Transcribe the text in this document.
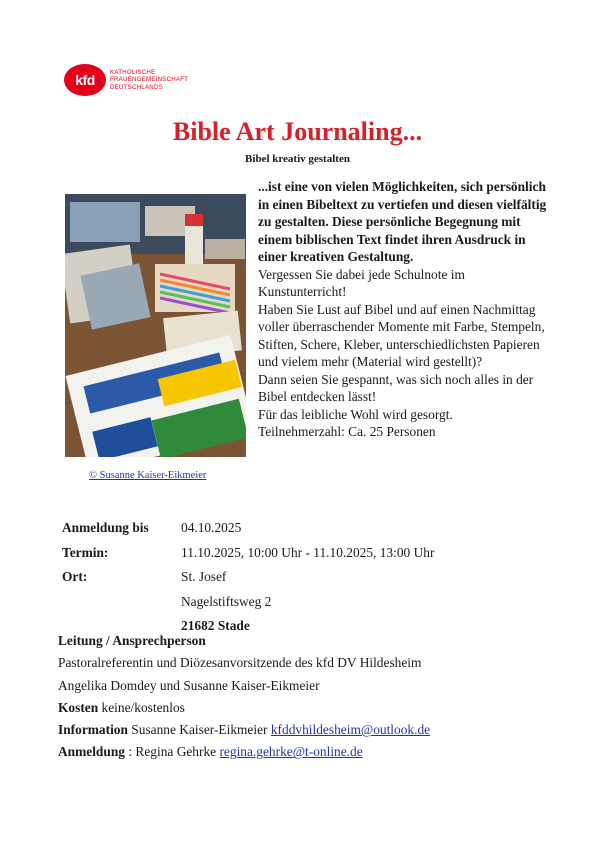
kfd	KATHOLISCHE
FRAUENGEMEINSCHAFT
DEUTSCHLANDS
Bible Art Journaling...
Bibel kreativ gestalten
© Susanne Kaiser-Eikmeier

...ist eine von vielen Möglichkeiten, sich persönlich in einen Bibeltext zu vertiefen und diesen vielfältig zu gestalten. Diese persönliche Begegnung mit einem biblischen Text findet ihren Ausdruck in einer kreativen Gestaltung.

Vergessen Sie dabei jede Schulnote im Kunstunterricht!

Haben Sie Lust auf Bibel und auf einen Nachmittag voller überraschender Momente mit Farbe, Stempeln, Stiften, Schere, Kleber, unterschiedlichsten Papieren und vielem mehr (Material wird gestellt)?

Dann seien Sie gespannt, was sich noch alles in der Bibel entdecken lässt!

Für das leibliche Wohl wird gesorgt.

Teilnehmerzahl: Ca. 25 Personen

Anmeldung bis	04.10.2025
Termin:	11.10.2025, 10:00 Uhr - 11.10.2025, 13:00 Uhr
Ort:	St. Josef
Nagelstiftsweg 2
21682 Stade

Leitung / Ansprechperson

Pastoralreferentin und Diözesanvorsitzende des kfd DV Hildesheim

Angelika Domdey und Susanne Kaiser-Eikmeier

Kosten keine/kostenlos

Information Susanne Kaiser-Eikmeier kfddvhildesheim@outlook.de

Anmeldung : Regina Gehrke regina.gehrke@t-online.de
